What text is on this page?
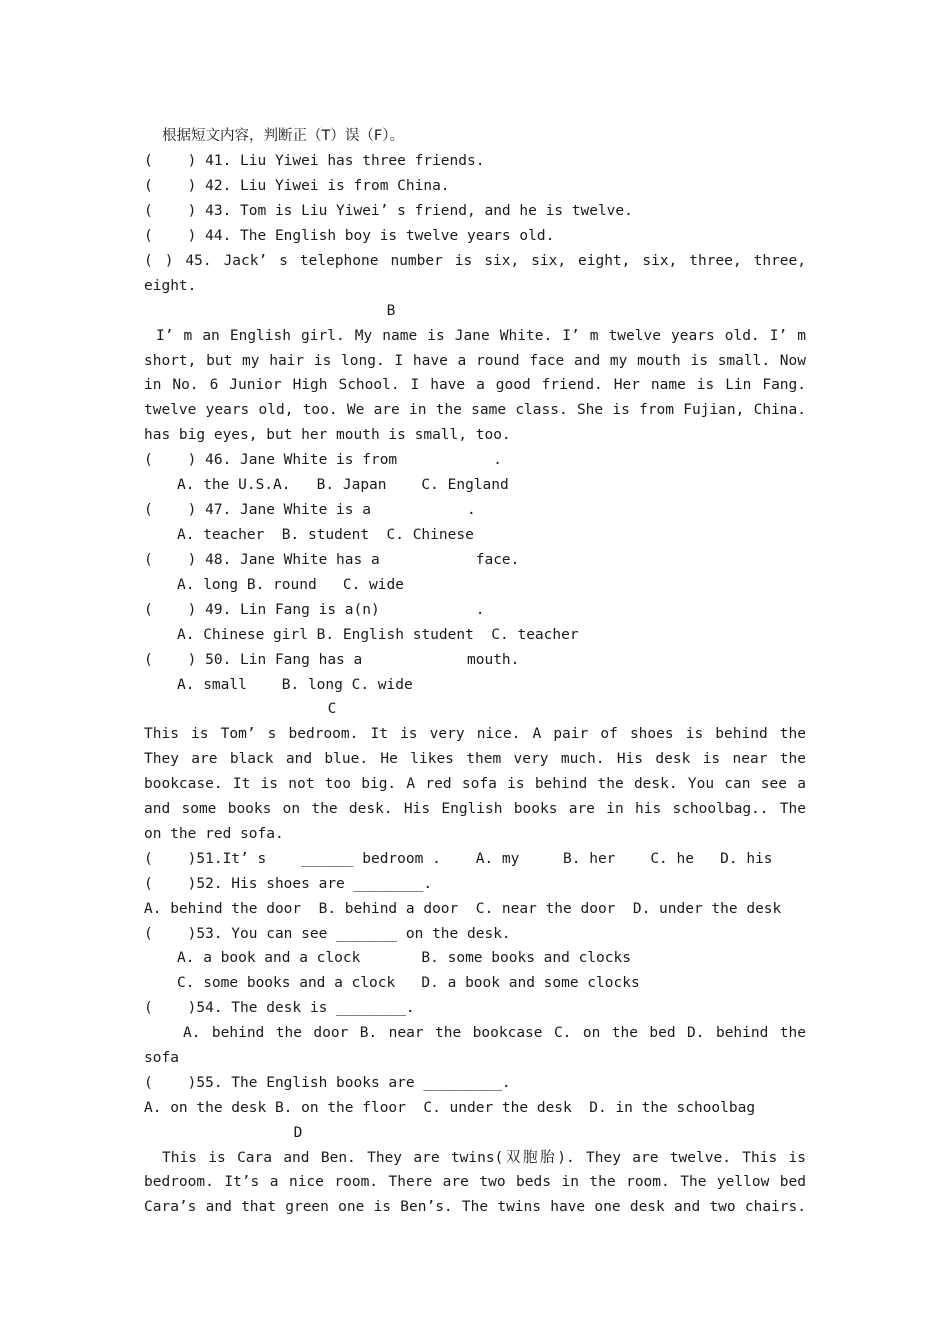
根据短文内容，判断正（T）误（F）。
(    ) 41. Liu Yiwei has three friends.
(    ) 42. Liu Yiwei is from China.
(    ) 43. Tom is Liu Yiwei’ s friend, and he is twelve.
(    ) 44. The English boy is twelve years old.
( ) 45. Jack’ s telephone number is six, six, eight, six, three, three,
eight.
B
I’ m an English girl. My name is Jane White. I’ m twelve years old. I’ m
short, but my hair is long. I have a round face and my mouth is small. Now
in No. 6 Junior High School. I have a good friend. Her name is Lin Fang.
twelve years old, too. We are in the same class. She is from Fujian, China.
has big eyes, but her mouth is small, too.
(    ) 46. Jane White is from           .
A. the U.S.A.   B. Japan    C. England
(    ) 47. Jane White is a           .
A. teacher  B. student  C. Chinese
(    ) 48. Jane White has a           face.
A. long B. round   C. wide
(    ) 49. Lin Fang is a(n)           .
A. Chinese girl B. English student  C. teacher
(    ) 50. Lin Fang has a            mouth.
A. small    B. long C. wide
C
This is Tom’ s bedroom. It is very nice. A pair of shoes is behind the
They are black and blue. He likes them very much. His desk is near the
bookcase. It is not too big. A red sofa is behind the desk. You can see a
and some books on the desk. His English books are in his schoolbag.. The
on the red sofa.
(    )51.It’ s    ______ bedroom .    A. my     B. her    C. he   D. his
(    )52. His shoes are ________.
A. behind the door  B. behind a door  C. near the door  D. under the desk
(    )53. You can see _______ on the desk.
A. a book and a clock       B. some books and clocks
C. some books and a clock   D. a book and some clocks
(    )54. The desk is ________.
A. behind the door B. near the bookcase C. on the bed D. behind the
sofa
(    )55. The English books are _________.
A. on the desk B. on the floor  C. under the desk  D. in the schoolbag
D
This is Cara and Ben. They are twins(双胞胎). They are twelve. This is
bedroom. It’s a nice room. There are two beds in the room. The yellow bed
Cara’s and that green one is Ben’s. The twins have one desk and two chairs.
